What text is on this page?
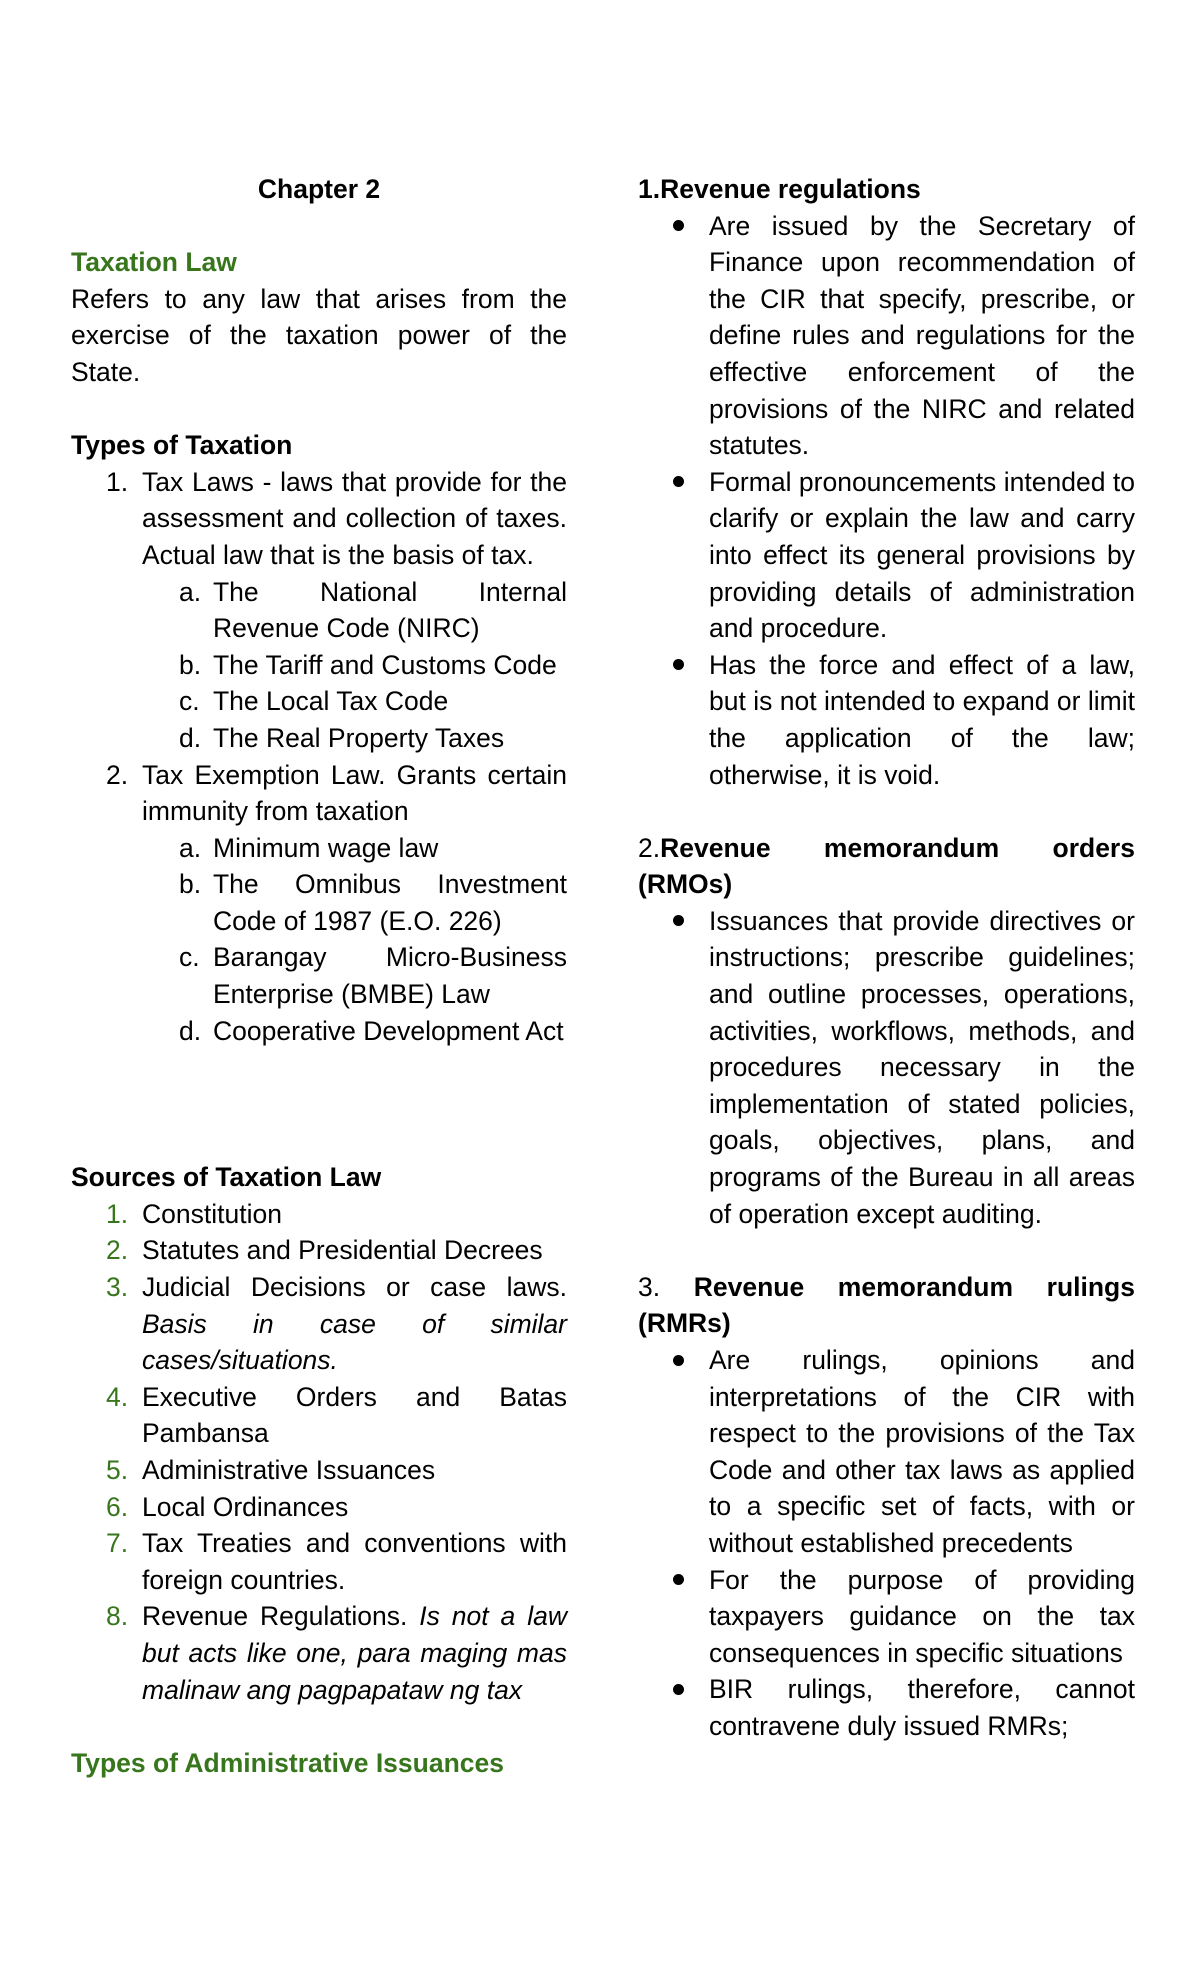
Chapter 2

Taxation Law

Refers to any law that arises from the exercise of the taxation power of the State.

Types of Taxation

1. Tax Laws - laws that provide for the assessment and collection of taxes. Actual law that is the basis of tax.
a. The National Internal Revenue Code (NIRC)
b. The Tariff and Customs Code
c. The Local Tax Code
d. The Real Property Taxes
2. Tax Exemption Law. Grants certain immunity from taxation
a. Minimum wage law
b. The Omnibus Investment Code of 1987 (E.O. 226)
c. Barangay Micro-Business Enterprise (BMBE) Law
d. Cooperative Development Act

Sources of Taxation Law

1. Constitution
2. Statutes and Presidential Decrees
3. Judicial Decisions or case laws. Basis in case of similar cases/situations.
4. Executive Orders and Batas Pambansa
5. Administrative Issuances
6. Local Ordinances
7. Tax Treaties and conventions with foreign countries.
8. Revenue Regulations. Is not a law but acts like one, para maging mas malinaw ang pagpapataw ng tax

Types of Administrative Issuances

1.Revenue regulations

Are issued by the Secretary of Finance upon recommendation of the CIR that specify, prescribe, or define rules and regulations for the effective enforcement of the provisions of the NIRC and related statutes.
Formal pronouncements intended to clarify or explain the law and carry into effect its general provisions by providing details of administration and procedure.
Has the force and effect of a law, but is not intended to expand or limit the application of the law; otherwise, it is void.

2.Revenue memorandum orders (RMOs)

Issuances that provide directives or instructions; prescribe guidelines; and outline processes, operations, activities, workflows, methods, and procedures necessary in the implementation of stated policies, goals, objectives, plans, and programs of the Bureau in all areas of operation except auditing.

3. Revenue memorandum rulings (RMRs)

Are rulings, opinions and interpretations of the CIR with respect to the provisions of the Tax Code and other tax laws as applied to a specific set of facts, with or without established precedents
For the purpose of providing taxpayers guidance on the tax consequences in specific situations
BIR rulings, therefore, cannot contravene duly issued RMRs;
